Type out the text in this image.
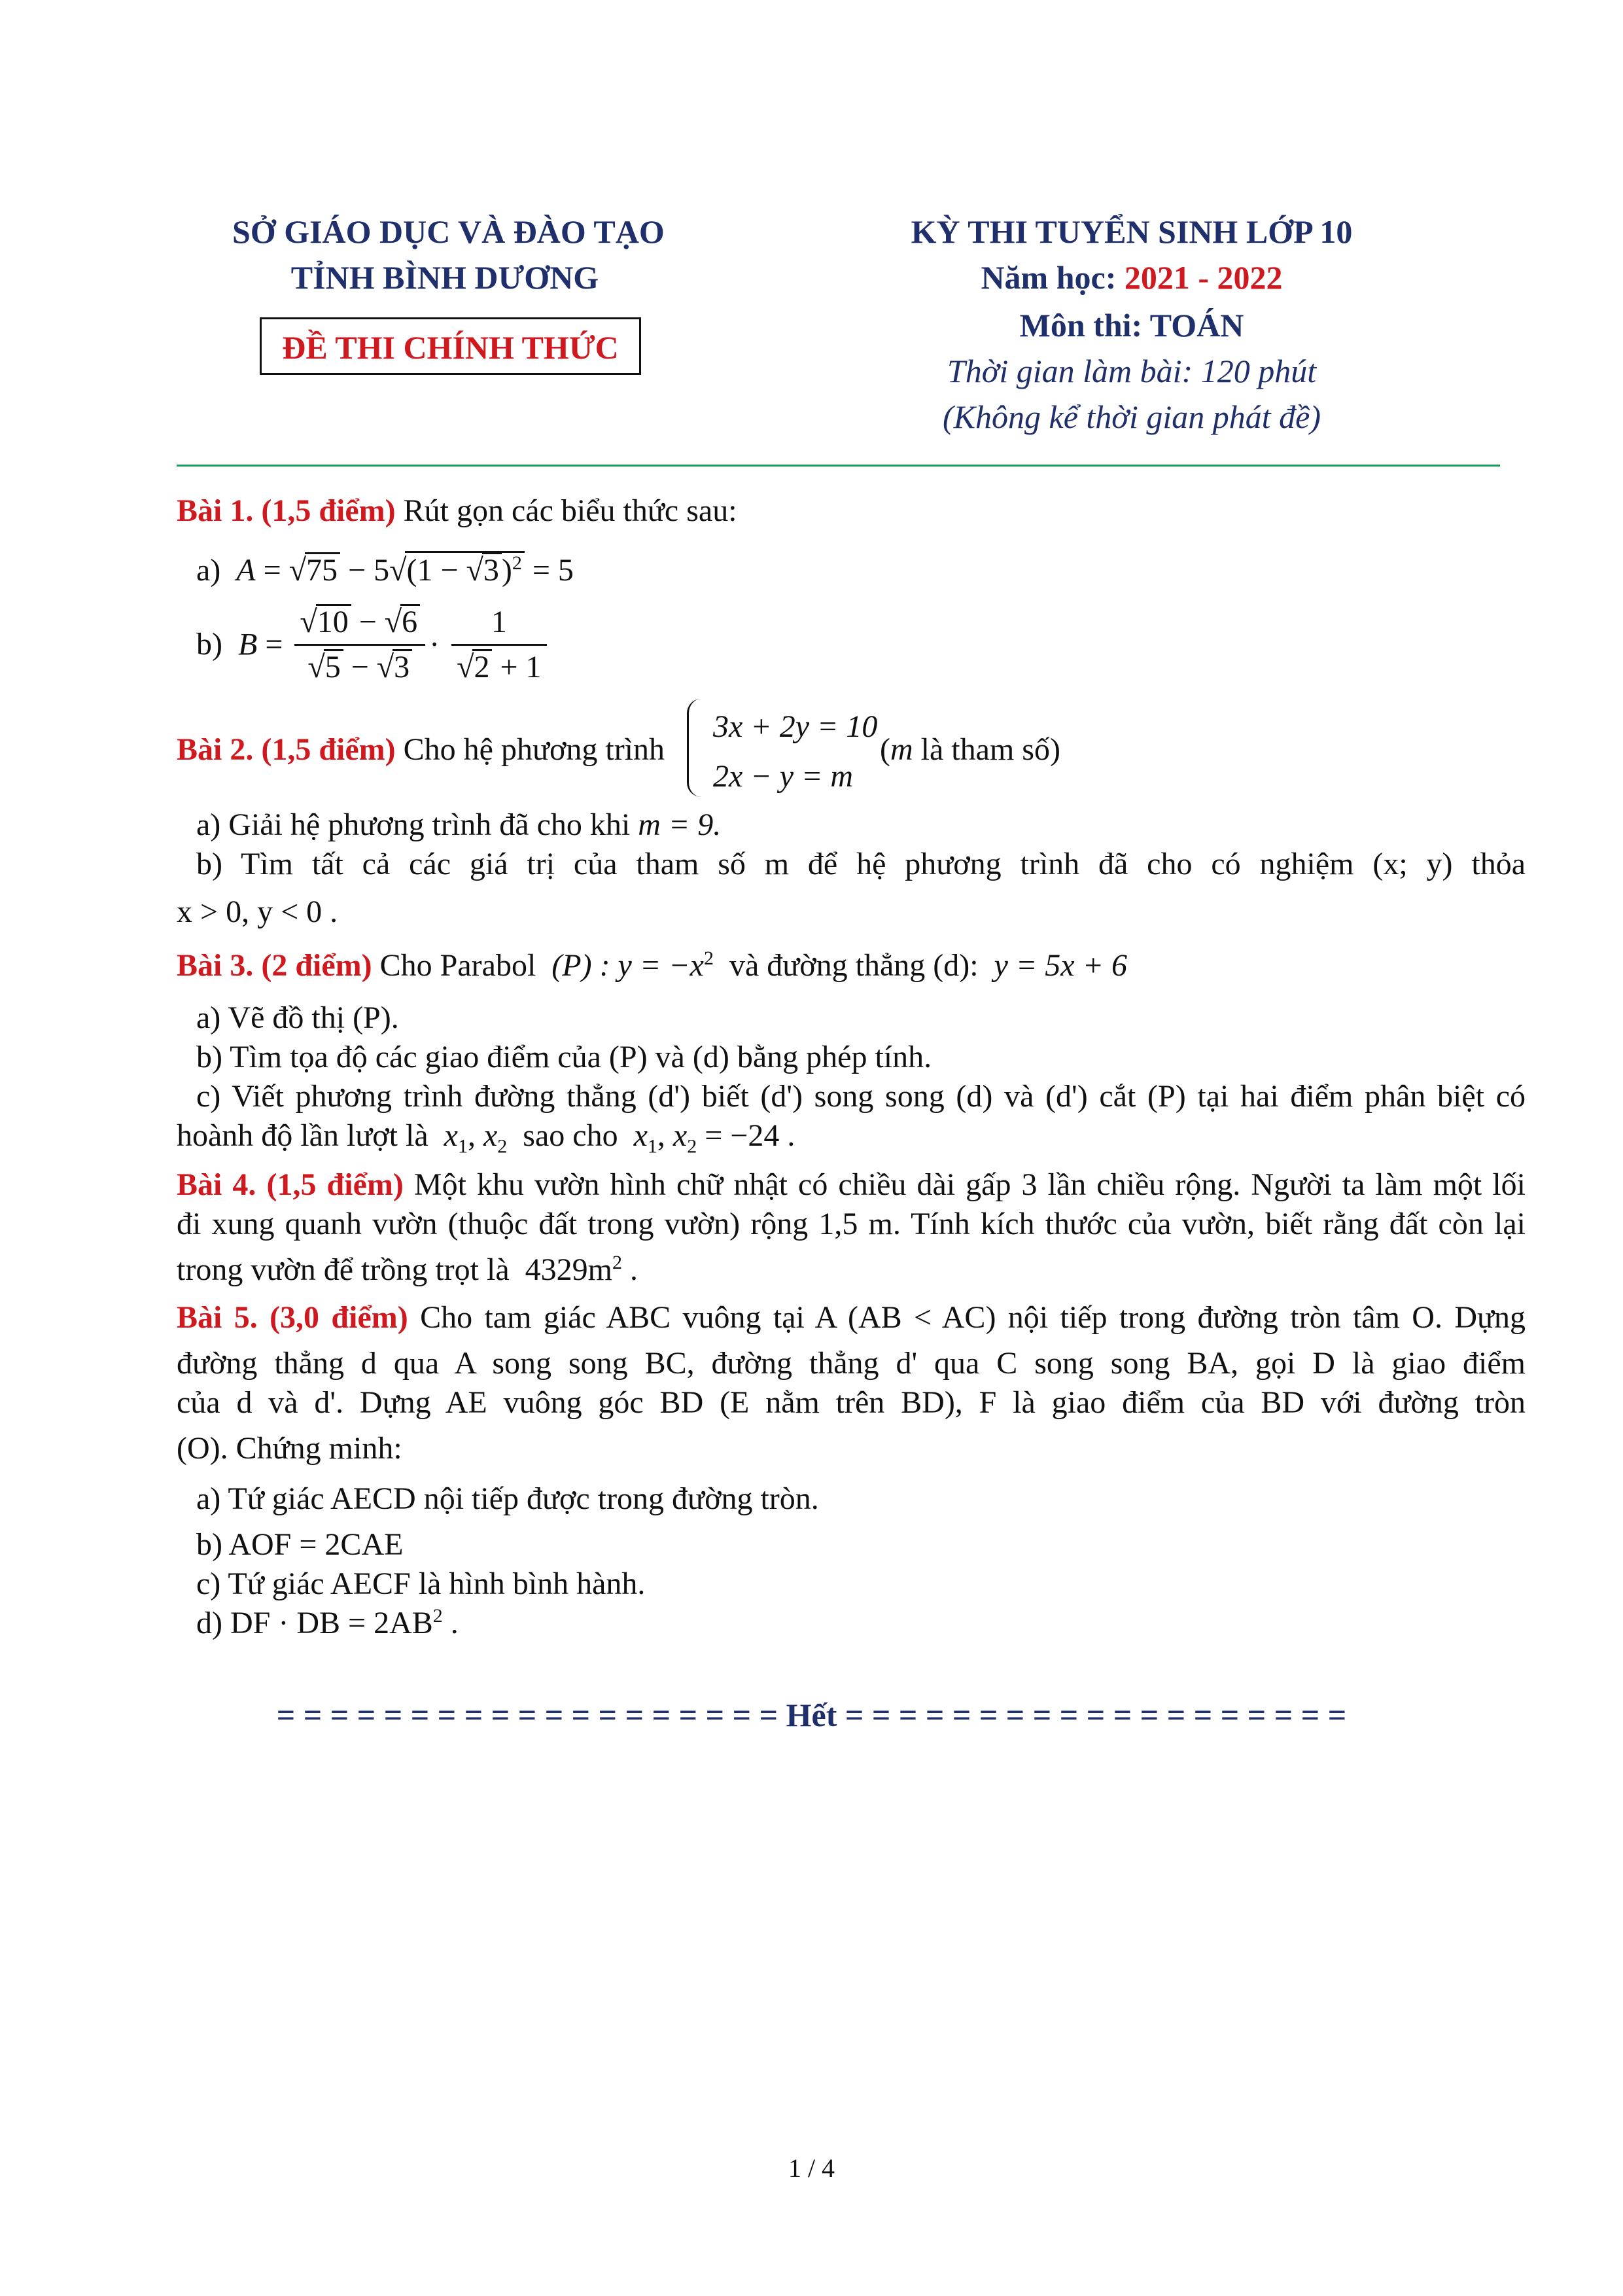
SỞ GIÁO DỤC VÀ ĐÀO TẠO
TỈNH BÌNH DƯƠNG
ĐỀ THI CHÍNH THỨC
KỲ THI TUYỂN SINH LỚP 10
Năm học: 2021 - 2022
Môn thi: TOÁN
Thời gian làm bài: 120 phút
(Không kể thời gian phát đề)
Bài 1. (1,5 điểm) Rút gọn các biểu thức sau:
a) $A = √75 - 5√(1 - √3)^2 = 5$
b) $B = \frac{√10 - √6}{√5 - √3} \cdot \frac{1}{√2 + 1}$
Bài 2. (1,5 điểm) Cho hệ phương trình
3x + 2y = 10
2x − y = m
(m là tham số)
a) Giải hệ phương trình đã cho khi m = 9.
b) Tìm tất cả các giá trị của tham số m để hệ phương trình đã cho có nghiệm (x; y) thỏa
x > 0, y < 0 .
Bài 3. (2 điểm) Cho Parabol (P) : $y = -x^2$ và đường thẳng (d): y = 5x + 6
a) Vẽ đồ thị (P).
b) Tìm tọa độ các giao điểm của (P) và (d) bằng phép tính.
c) Viết phương trình đường thẳng (d') biết (d') song song (d) và (d') cắt (P) tại hai điểm phân biệt có
hoành độ lần lượt là $x_1$, $x_2$ sao cho $x_1$, $x_2 = -24$ .
Bài 4. (1,5 điểm) Một khu vườn hình chữ nhật có chiều dài gấp 3 lần chiều rộng. Người ta làm một lối
đi xung quanh vườn (thuộc đất trong vườn) rộng 1,5 m. Tính kích thước của vườn, biết rằng đất còn lại
trong vườn để trồng trọt là $4329m^2$ .
Bài 5. (3,0 điểm) Cho tam giác ABC vuông tại A (AB < AC) nội tiếp trong đường tròn tâm O. Dựng
đường thẳng d qua A song song BC, đường thẳng d' qua C song song BA, gọi D là giao điểm
của d và d'. Dựng AE vuông góc BD (E nằm trên BD), F là giao điểm của BD với đường tròn
(O). Chứng minh:
a) Tứ giác AECD nội tiếp được trong đường tròn.
b) AOF = 2CAE
c) Tứ giác AECF là hình bình hành.
d) DF · DB = $2AB^2$ .
= = = = = = = = = = = = = = = = = = = Hết = = = = = = = = = = = = = = = = = = =
1 / 4
